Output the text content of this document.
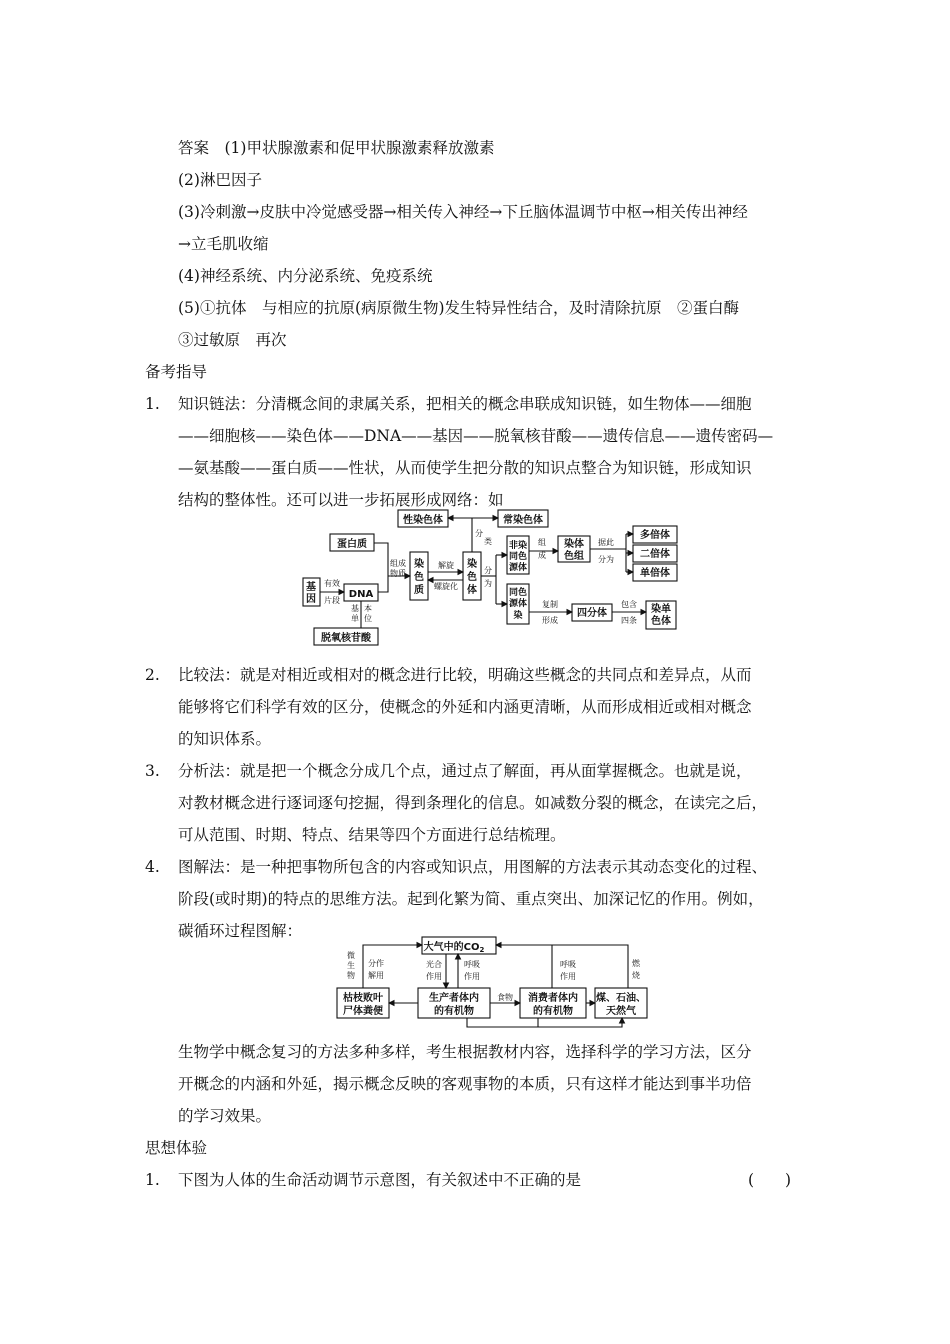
答案　(1)甲状腺激素和促甲状腺激素释放激素
(2)淋巴因子
(3)冷刺激→皮肤中冷觉感受器→相关传入神经→下丘脑体温调节中枢→相关传出神经
→立毛肌收缩
(4)神经系统、内分泌系统、免疫系统
(5)①抗体　与相应的抗原(病原微生物)发生特异性结合，及时清除抗原　②蛋白酶
③过敏原　再次
备考指导
1. 知识链法：分清概念间的隶属关系，把相关的概念串联成知识链，如生物体——细胞
——细胞核——染色体——DNA——基因——脱氧核苷酸——遗传信息——遗传密码—
—氨基酸——蛋白质——性状，从而使学生把分散的知识点整合为知识链，形成知识
结构的整体性。还可以进一步拓展形成网络：如
蛋白质
基
因	DNA
脱氧核苷酸
染
色
质
染
色
体
性染色体	常染色体
非染
同色
源体
染体
色组
多倍体
二倍体
单倍体
同色
源体
染	四分体	染单
色体
有效
片段
基
单
本
位
组成
物质
解旋
螺旋化
分
类
分
为
组
成
据此
分为
复制
形成
包含
四条
2. 比较法：就是对相近或相对的概念进行比较，明确这些概念的共同点和差异点，从而
能够将它们科学有效的区分，使概念的外延和内涵更清晰，从而形成相近或相对概念
的知识体系。
3. 分析法：就是把一个概念分成几个点，通过点了解面，再从面掌握概念。也就是说，
对教材概念进行逐词逐句挖掘，得到条理化的信息。如减数分裂的概念，在读完之后，
可从范围、时期、特点、结果等四个方面进行总结梳理。
4. 图解法：是一种把事物所包含的内容或知识点，用图解的方法表示其动态变化的过程、
阶段(或时期)的特点的思维方法。起到化繁为简、重点突出、加深记忆的作用。例如，
碳循环过程图解：
大气中的$CO_2$
枯枝败叶
尸体粪便
生产者体内
的有机物
消费者体内
的有机物
煤、石油、
天然气
微
生
物
分作
解用
光合
作用
呼吸
作用
呼吸
作用
燃
烧
食物
生物学中概念复习的方法多种多样，考生根据教材内容，选择科学的学习方法，区分
开概念的内涵和外延，揭示概念反映的客观事物的本质，只有这样才能达到事半功倍
的学习效果。
思想体验
1. 下图为人体的生命活动调节示意图，有关叙述中不正确的是	(　　)
